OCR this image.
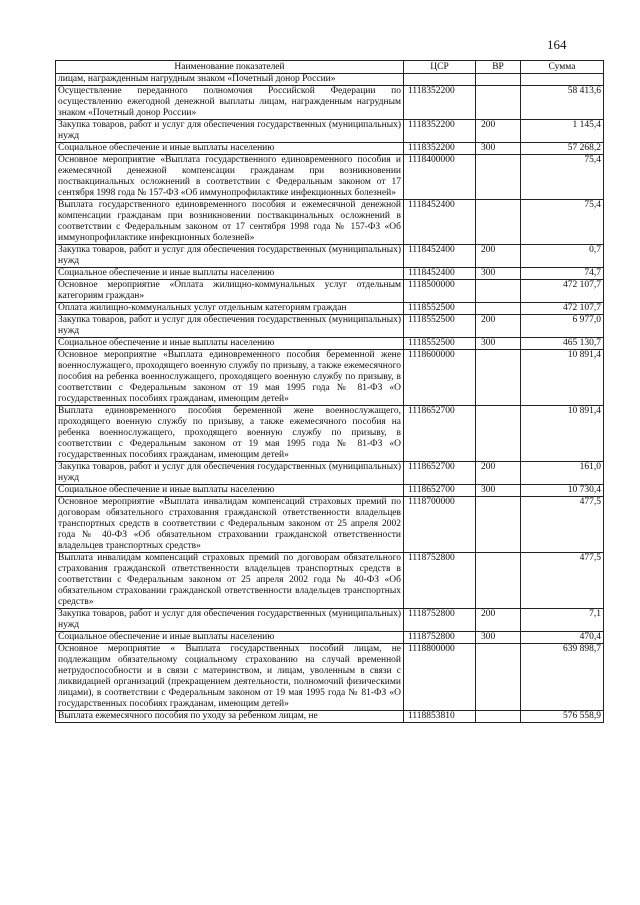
164
Наименование показателей	ЦСР	ВР	Сумма
лицам, награжденным нагрудным знаком «Почетный донор России»			
Осуществление переданного полномочия Российской Федерации по осуществлению ежегодной денежной выплаты лицам, награжденным нагрудным знаком «Почетный донор России»	1118352200		58 413,6
Закупка товаров, работ и услуг для обеспечения государственных (муниципальных) нужд	1118352200	200	1 145,4
Социальное обеспечение и иные выплаты населению	1118352200	300	57 268,2
Основное мероприятие «Выплата государственного единовременного пособия и ежемесячной денежной компенсации гражданам при возникновении поствакцинальных осложнений в соответствии с Федеральным законом от 17 сентября 1998 года № 157-ФЗ «Об иммунопрофилактике инфекционных болезней»	1118400000		75,4
Выплата государственного единовременного пособия и ежемесячной денежной компенсации гражданам при возникновении поствакцинальных осложнений в соответствии с Федеральным законом от 17 сентября 1998 года № 157-ФЗ «Об иммунопрофилактике инфекционных болезней»	1118452400		75,4
Закупка товаров, работ и услуг для обеспечения государственных (муниципальных) нужд	1118452400	200	0,7
Социальное обеспечение и иные выплаты населению	1118452400	300	74,7
Основное мероприятие «Оплата жилищно-коммунальных услуг отдельным категориям граждан»	1118500000		472 107,7
Оплата жилищно-коммунальных услуг отдельным категориям граждан	1118552500		472 107,7
Закупка товаров, работ и услуг для обеспечения государственных (муниципальных) нужд	1118552500	200	6 977,0
Социальное обеспечение и иные выплаты населению	1118552500	300	465 130,7
Основное мероприятие «Выплата единовременного пособия беременной жене военнослужащего, проходящего военную службу по призыву, а также ежемесячного пособия на ребенка военнослужащего, проходящего военную службу по призыву, в соответствии с Федеральным законом от 19 мая 1995 года № 81-ФЗ «О государственных пособиях гражданам, имеющим детей»	1118600000		10 891,4
Выплата единовременного пособия беременной жене военнослужащего, проходящего военную службу по призыву, а также ежемесячного пособия на ребенка военнослужащего, проходящего военную службу по призыву, в соответствии с Федеральным законом от 19 мая 1995 года № 81-ФЗ «О государственных пособиях гражданам, имеющим детей»	1118652700		10 891,4
Закупка товаров, работ и услуг для обеспечения государственных (муниципальных) нужд	1118652700	200	161,0
Социальное обеспечение и иные выплаты населению	1118652700	300	10 730,4
Основное мероприятие «Выплата инвалидам компенсаций страховых премий по договорам обязательного страхования гражданской ответственности владельцев транспортных средств в соответствии с Федеральным законом от 25 апреля 2002 года № 40-ФЗ «Об обязательном страховании гражданской ответственности владельцев транспортных средств»	1118700000		477,5
Выплата инвалидам компенсаций страховых премий по договорам обязательного страхования гражданской ответственности владельцев транспортных средств в соответствии с Федеральным законом от 25 апреля 2002 года № 40-ФЗ «Об обязательном страховании гражданской ответственности владельцев транспортных средств»	1118752800		477,5
Закупка товаров, работ и услуг для обеспечения государственных (муниципальных) нужд	1118752800	200	7,1
Социальное обеспечение и иные выплаты населению	1118752800	300	470,4
Основное мероприятие « Выплата государственных пособий лицам, не подлежащим обязательному социальному страхованию на случай временной нетрудоспособности и в связи с материнством, и лицам, уволенным в связи с ликвидацией организаций (прекращением деятельности, полномочий физическими лицами), в соответствии с Федеральным законом от 19 мая 1995 года № 81-ФЗ «О государственных пособиях гражданам, имеющим детей»	1118800000		639 898,7
Выплата ежемесячного пособия по уходу за ребенком лицам, не	1118853810		576 558,9
